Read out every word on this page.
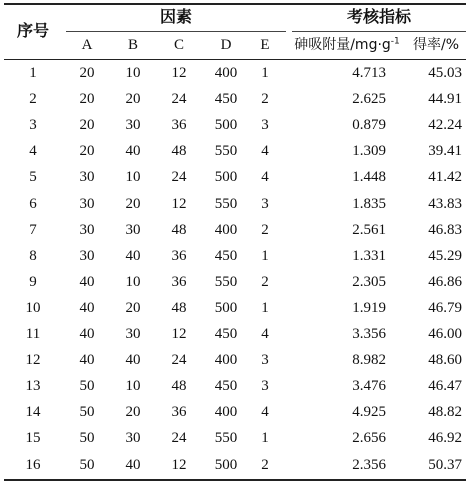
序号
因素	考核指标
A	B	C	D	E	砷吸附量$/mg\cdot g^{-1}$ 得率/%
1	20	10	12	400	1	4.713	45.03
2	20	20	24	450	2	2.625	44.91
3	20	30	36	500	3	0.879	42.24
4	20	40	48	550	4	1.309	39.41
5	30	10	24	500	4	1.448	41.42
6	30	20	12	550	3	1.835	43.83
7	30	30	48	400	2	2.561	46.83
8	30	40	36	450	1	1.331	45.29
9	40	10	36	550	2	2.305	46.86
10	40	20	48	500	1	1.919	46.79
11	40	30	12	450	4	3.356	46.00
12	40	40	24	400	3	8.982	48.60
13	50	10	48	450	3	3.476	46.47
14	50	20	36	400	4	4.925	48.82
15	50	30	24	550	1	2.656	46.92
16	50	40	12	500	2	2.356	50.37
